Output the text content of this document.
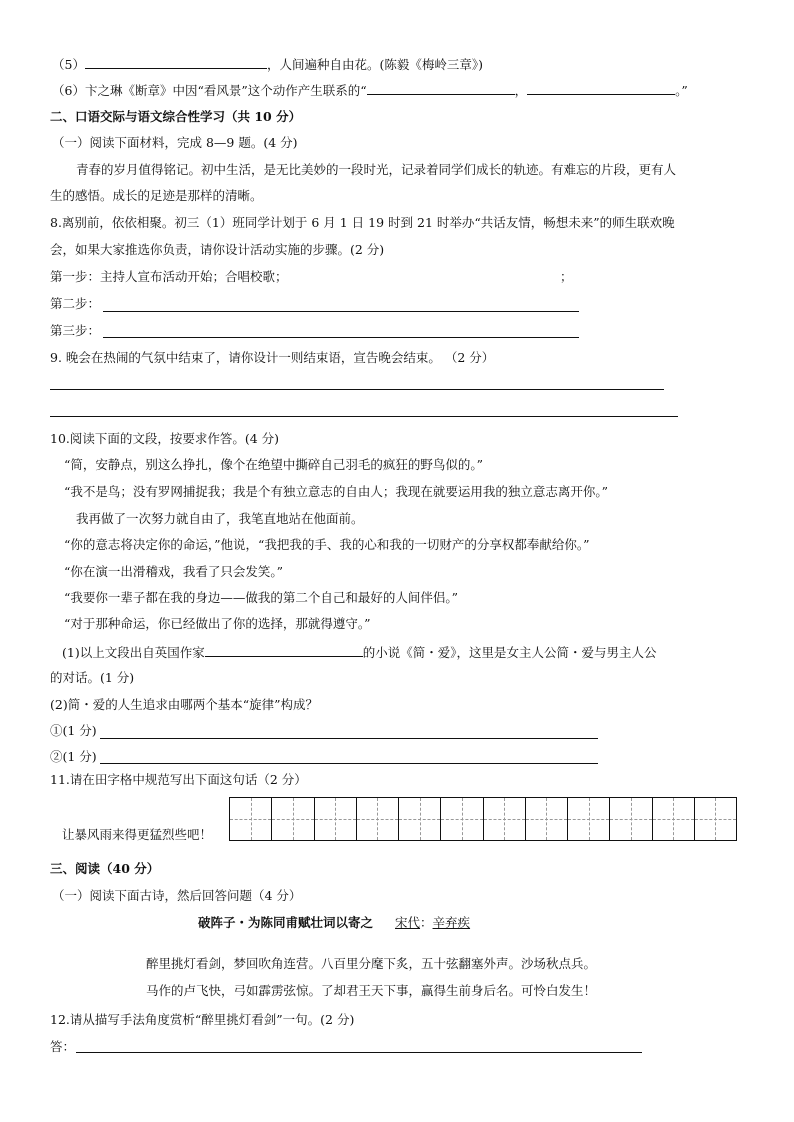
（5）	，人间遍种自由花。(陈毅《梅岭三章》)
（6）卞之琳《断章》中因“看风景”这个动作产生联系的“	，	。”
二、口语交际与语文综合性学习（共 10 分）
（一）阅读下面材料，完成 8—9 题。(4 分)
青春的岁月值得铭记。初中生活，是无比美妙的一段时光，记录着同学们成长的轨迹。有难忘的片段，更有人
生的感悟。成长的足迹是那样的清晰。
8.离别前，依依相聚。初三（1）班同学计划于 6 月 1 日 19 时到 21 时举办“共话友情，畅想未来”的师生联欢晚
会，如果大家推选你负责，请你设计活动实施的步骤。(2 分)
第一步：主持人宣布活动开始；合唱校歌；	；
第二步：
第三步：
9. 晚会在热闹的气氛中结束了，请你设计一则结束语，宣告晚会结束。 （2 分）
10.阅读下面的文段，按要求作答。(4 分)
“简，安静点，别这么挣扎，像个在绝望中撕碎自己羽毛的疯狂的野鸟似的。”
“我不是鸟；没有罗网捕捉我；我是个有独立意志的自由人；我现在就要运用我的独立意志离开你。”
我再做了一次努力就自由了，我笔直地站在他面前。
“你的意志将决定你的命运，”他说，“我把我的手、我的心和我的一切财产的分享权都奉献给你。”
“你在演一出滑稽戏，我看了只会发笑。”
“我要你一辈子都在我的身边——做我的第二个自己和最好的人间伴侣。”
“对于那种命运，你已经做出了你的选择，那就得遵守。”
(1)以上文段出自英国作家	的小说《简・爱》，这里是女主人公简・爱与男主人公
的对话。(1 分)
(2)简・爱的人生追求由哪两个基本“旋律”构成？
①(1 分)
②(1 分)
11.请在田字格中规范写出下面这句话（2 分）
让暴风雨来得更猛烈些吧！
三、阅读（40 分）
（一）阅读下面古诗，然后回答问题（4 分）
破阵子・为陈同甫赋壮词以寄之 宋代：辛弃疾
醉里挑灯看剑，梦回吹角连营。八百里分麾下炙，五十弦翻塞外声。沙场秋点兵。
马作的卢飞快，弓如霹雳弦惊。了却君王天下事，赢得生前身后名。可怜白发生！
12.请从描写手法角度赏析“醉里挑灯看剑”一句。(2 分)
答：
